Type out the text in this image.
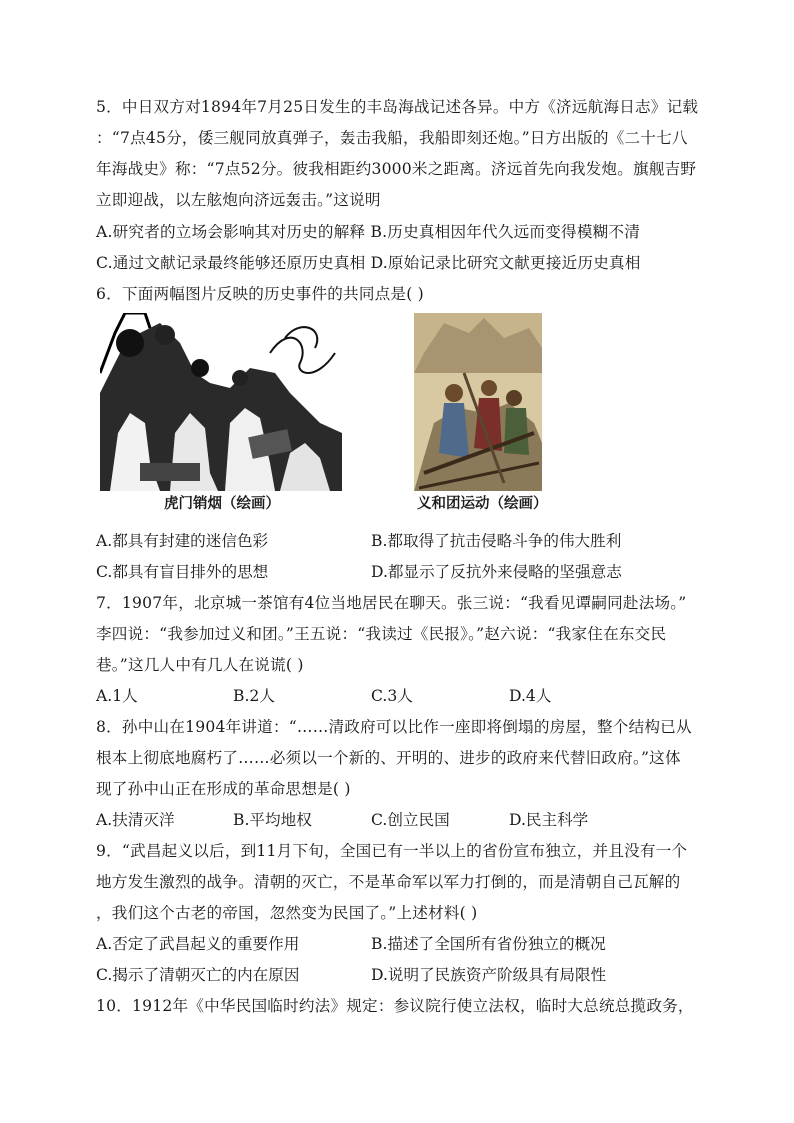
5．中日双方对1894年7月25日发生的丰岛海战记述各异。中方《济远航海日志》记载
：“7点45分，倭三舰同放真弹子，轰击我船，我船即刻还炮。”日方出版的《二十七八
年海战史》称：“7点52分。彼我相距约3000米之距离。济远首先向我发炮。旗舰吉野
立即迎战，以左舷炮向济远轰击。”这说明
A.研究者的立场会影响其对历史的解释 B.历史真相因年代久远而变得模糊不清
C.通过文献记录最终能够还原历史真相 D.原始记录比研究文献更接近历史真相
6．下面两幅图片反映的历史事件的共同点是( )
虎门销烟（绘画）	义和团运动（绘画）
A.都具有封建的迷信色彩	B.都取得了抗击侵略斗争的伟大胜利
C.都具有盲目排外的思想	D.都显示了反抗外来侵略的坚强意志
7．1907年，北京城一茶馆有4位当地居民在聊天。张三说：“我看见谭嗣同赴法场。”
李四说：“我参加过义和团。”王五说：“我读过《民报》。”赵六说：“我家住在东交民
巷。”这几人中有几人在说谎( )
A.1人	B.2人	C.3人	D.4人
8．孙中山在1904年讲道：“……清政府可以比作一座即将倒塌的房屋，整个结构已从
根本上彻底地腐朽了……必须以一个新的、开明的、进步的政府来代替旧政府。”这体
现了孙中山正在形成的革命思想是( )
A.扶清灭洋	B.平均地权	C.创立民国	D.民主科学
9．“武昌起义以后，到11月下旬，全国已有一半以上的省份宣布独立，并且没有一个
地方发生激烈的战争。清朝的灭亡，不是革命军以军力打倒的，而是清朝自己瓦解的
，我们这个古老的帝国，忽然变为民国了。”上述材料( )
A.否定了武昌起义的重要作用	B.描述了全国所有省份独立的概况
C.揭示了清朝灭亡的内在原因	D.说明了民族资产阶级具有局限性
10．1912年《中华民国临时约法》规定：参议院行使立法权，临时大总统总揽政务，
